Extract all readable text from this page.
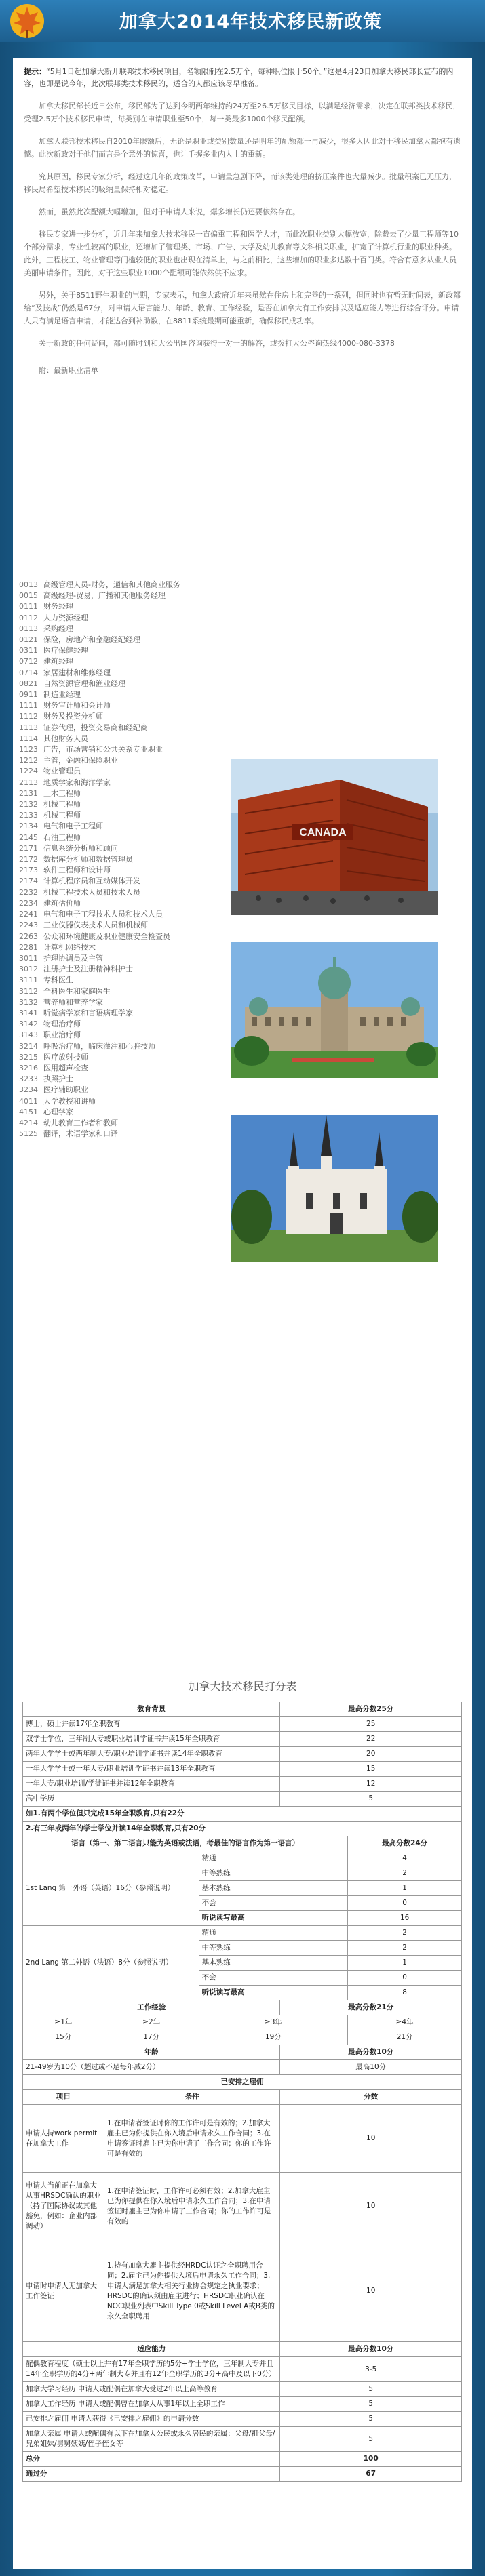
加拿大2014年技术移民新政策
提示：“5月1日起加拿大新开联邦技术移民项目，名额限制在2.5万个，每种职位限于50个。”这是4月23日加拿大移民部长宣布的内容，也即是说今年，此次联邦类技术移民的，适合的人都应该尽早准备。

加拿大移民部长近日公布，移民部为了达到今明两年维持约24万至26.5万移民目标，以满足经济需求，决定在联邦类技术移民，受理2.5万个技术移民申请，每类别在申请职业至50个，每一类最多1000个移民配额。

加拿大联邦技术移民自2010年限额后，无论是职业或类别数量还是明年的配额都一再减少，很多人因此对于移民加拿大都抱有遗憾。此次新政对于他们而言是个意外的惊喜，也让手握多业内人士的重新。

究其原因，移民专家分析，经过这几年的政策改革，申请量急剧下降，而该类处理的挤压案件也大量减少。批量积案已无压力，移民局希望技术移民的吸纳量保持相对稳定。

然而，虽然此次配额大幅增加，但对于申请人来说，爆多增长仍还要依然存在。

移民专家进一步分析，近几年来加拿大技术移民一直偏重工程和医学人才，而此次职业类别大幅放宽，除截去了少量工程师等10个部分需求，专业性较高的职业，还增加了管理类、市场、广告、大学及幼儿教育等文科相关职业，扩宽了计算机行业的职业种类。此外，工程技工、物业管理等门槛较低的职业也出现在清单上，与之前相比，这些增加的职业多达数十百门类。符合有意多从业人员美丽申请条件。因此，对于这些职业1000个配额可能依然供不应求。

另外，关于8511野生职业的岂期，专家表示，加拿大政府近年来虽然在住房上和完善的一系列，但同时也有暂无时间表，新政都给“及技战”仍然是67分，对申请人语言能力、年龄、教育、工作经验，是否在加拿大有工作安排以及适应能力等进行综合评分。申请人只有满足语言申请，才能达合到补助数，在8811系统最期可能重新，确保移民成功率。

关于新政的任何疑问，都可随时到和大公出国咨询获得一对一的解答，或拨打大公咨询热线4000-080-3378

附：最新职业清单
0013 高级管理人员-财务，通信和其他商业服务
0015 高级经理-贸易，广播和其他服务经理
0111 财务经理
0112 人力资源经理
0113 采购经理
0121 保险，房地产和金融经纪经理
0311 医疗保健经理
0712 建筑经理
0714 家居建材和维修经理
0821 自然资源管理和渔业经理
0911 制造业经理
1111 财务审计师和会计师
1112 财务及投资分析师
1113 证券代理，投资交易商和经纪商
1114 其他财务人员
1123 广告，市场营销和公共关系专业职业
1212 主管，金融和保险职业
1224 物业管理员
2113 地质学家和海洋学家
2131 土木工程师
2132 机械工程师
2133 机械工程师
2134 电气和电子工程师
2145 石油工程师
2171 信息系统分析师和顾问
2172 数据库分析师和数据管理员
2173 软件工程师和设计师
2174 计算机程序员和互动媒体开发
2232 机械工程技术人员和技术人员
2234 建筑估价师
2241 电气和电子工程技术人员和技术人员
2243 工业仪器仪表技术人员和机械师
2263 公众和环境健康及职业健康安全检查员
2281 计算机网络技术
3011 护理协调员及主管
3012 注册护士及注册精神科护士
3111 专科医生
3112 全科医生和家庭医生
3132 营养师和营养学家
3141 听觉病学家和言语病理学家
3142 物理治疗师
3143 职业治疗师
3214 呼吸治疗师，临床灌注和心脏技师
3215 医疗放射技师
3216 医用超声检查
3233 执照护士
3234 医疗辅助职业
4011 大学教授和讲师
4151 心理学家
4214 幼儿教育工作者和教师
5125 翻译，术语学家和口译
CANADA
加拿大技术移民打分表
教育背景			最高分数25分	
博士，硕士并读17年全职教育			25	
双学士学位，三年制大专或职业培训学证书并读15年全职教育			22	
两年大学学士或两年制大专/职业培训学证书并读14年全职教育			20	
一年大学学士或一年大专/职业培训学证书并读13年全职教育			15	
一年大专/职业培训/学徒证书并读12年全职教育			12	
高中学历			5	
如1.有两个学位但只完成15年全职教育,只有22分				
2.有三年或两年的学士学位并读14年全职教育,只有20分				
语言（第一、第二语言只能为英语或法语，考最佳的语言作为第一语言）				最高分数24分
1st Lang 第一外语（英语）16分（参照说明）		精通		4
		中等熟练		2
		基本熟练		1
		不会		0
		听说读写最高		16
2nd Lang 第二外语（法语）8分（参照说明）		精通		2
		中等熟练		2
		基本熟练		1
		不会		0
		听说读写最高		8
工作经验			最高分数21分	
≥1年	≥2年	≥3年		≥4年
15分	17分	19分		21分
年龄			最高分数10分	
21-49岁为10分（超过或不足每年减2分）			最高10分	
已安排之雇佣				
项目	条件		分数	
申请人持work permit在加拿大工作	1.在申请者签证时你的工作许可是有效的；2.加拿大雇主已为你提供在你入境后申请永久工作合同；3.在申请签证时雇主已为你申请了工作合同；你的工作许可是有效的		10	
申请人当前正在加拿大从事HRSDC确认的职业（持了国际协议或其他豁免，例如：企业内部调动）	1.在申请签证时，工作许可必须有效；2.加拿大雇主已为你提供在你入境后申请永久工作合同；3.在申请签证时雇主已为你申请了工作合同；你的工作许可是有效的		10	
申请时申请人无加拿大工作签证	1.持有加拿大雇主提供经HRDC认证之全职聘用合同；2.雇主已为你提供入境后申请永久工作合同；3.申请人满足加拿大相关行业协会规定之执业要求；HRSDC的确认须由雇主进行；HRSDC职业确认在NOC职业列表中Skill Type 0或Skill Level A或B类的永久全职聘用		10	
适应能力			最高分数10分	
配偶教育程度（硕士以上并有17年全职学历的5分+学士学位，三年制大专并且14年全职学历的4分+两年制大专并且有12年全职学历的3分+高中及以下0分）			3-5	
加拿大学习经历 申请人或配偶在加拿大受过2年以上高等教育			5	
加拿大工作经历 申请人或配偶曾在加拿大从事1年以上全职工作			5	
已安排之雇佣 申请人获得《已安排之雇佣》的申请分数			5	
加拿大亲属 申请人或配偶有以下在加拿大公民或永久居民的亲属：父母/祖父母/兄弟姐妹/舅舅姨姨/侄子侄女等			5	
总分			100	
通过分			67	
